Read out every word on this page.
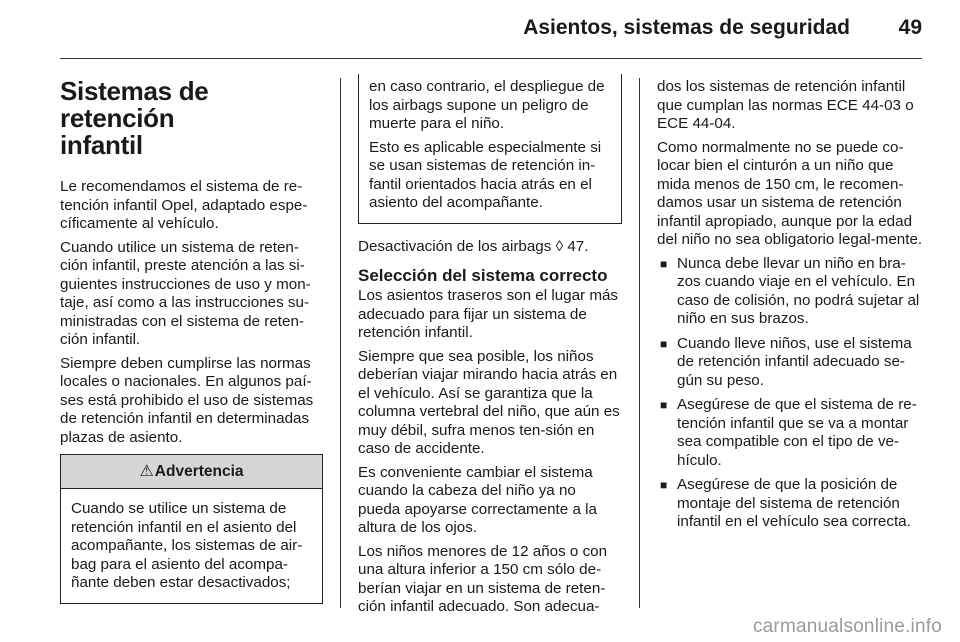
Asientos, sistemas de seguridad	49
Sistemas de retención
infantil

Le recomendamos el sistema de re-tención infantil Opel, adaptado espe-cíficamente al vehículo.

Cuando utilice un sistema de reten-ción infantil, preste atención a las si-guientes instrucciones de uso y mon-taje, así como a las instrucciones su-ministradas con el sistema de reten-ción infantil.

Siempre deben cumplirse las normas locales o nacionales. En algunos paí-ses está prohibido el uso de sistemas de retención infantil en determinadas plazas de asiento.

⚠Advertencia
Cuando se utilice un sistema de retención infantil en el asiento del acompañante, los sistemas de air-bag para el asiento del acompa-ñante deben estar desactivados;

en caso contrario, el despliegue de los airbags supone un peligro de muerte para el niño.

Esto es aplicable especialmente si se usan sistemas de retención in-fantil orientados hacia atrás en el asiento del acompañante.

Desactivación de los airbags ◊ 47.

Selección del sistema correcto

Los asientos traseros son el lugar más adecuado para fijar un sistema de retención infantil.

Siempre que sea posible, los niños deberían viajar mirando hacia atrás en el vehículo. Así se garantiza que la columna vertebral del niño, que aún es muy débil, sufra menos ten-sión en caso de accidente.

Es conveniente cambiar el sistema cuando la cabeza del niño ya no pueda apoyarse correctamente a la altura de los ojos.

Los niños menores de 12 años o con una altura inferior a 150 cm sólo de-berían viajar en un sistema de reten-ción infantil adecuado. Son adecua-

dos los sistemas de retención infantil que cumplan las normas ECE 44-03 o ECE 44-04.

Como normalmente no se puede co-locar bien el cinturón a un niño que mida menos de 150 cm, le recomen-damos usar un sistema de retención infantil apropiado, aunque por la edad del niño no sea obligatorio legal-mente.

■ Nunca debe llevar un niño en bra-zos cuando viaje en el vehículo. En caso de colisión, no podrá sujetar al niño en sus brazos.
■ Cuando lleve niños, use el sistema de retención infantil adecuado se-gún su peso.
■ Asegúrese de que el sistema de re-tención infantil que se va a montar sea compatible con el tipo de ve-hículo.
■ Asegúrese de que la posición de montaje del sistema de retención infantil en el vehículo sea correcta.
carmanualsonline.info
